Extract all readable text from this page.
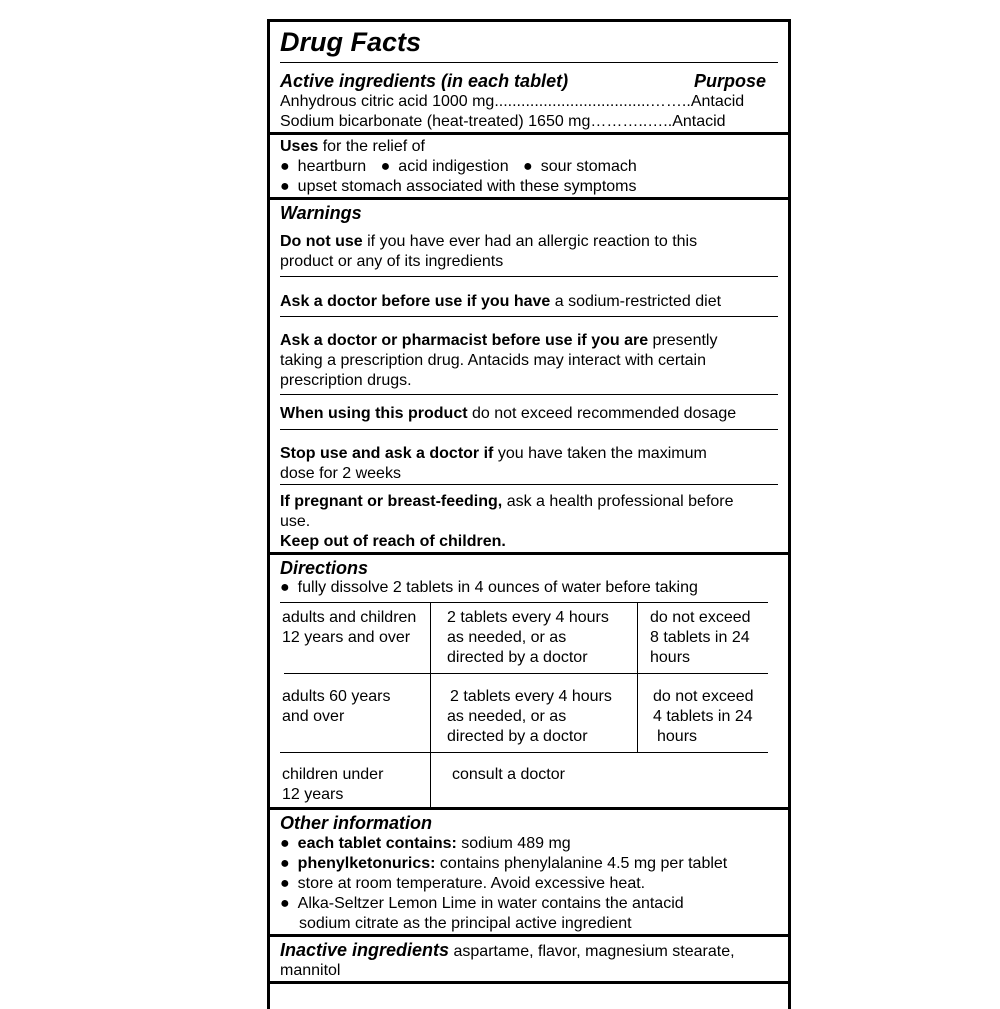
Drug Facts
Active ingredients (in each tablet)	Purpose
Anhydrous citric acid 1000 mg...................................……..Antacid
Sodium bicarbonate (heat-treated) 1650 mg………..…..Antacid
Uses for the relief of
● heartburn ● acid indigestion ● sour stomach
● upset stomach associated with these symptoms
Warnings
Do not use if you have ever had an allergic reaction to this
product or any of its ingredients
Ask a doctor before use if you have a sodium-restricted diet
Ask a doctor or pharmacist before use if you are presently
taking a prescription drug. Antacids may interact with certain
prescription drugs.
When using this product do not exceed recommended dosage
Stop use and ask a doctor if you have taken the maximum
dose for 2 weeks
If pregnant or breast-feeding, ask a health professional before
use.
Keep out of reach of children.
Directions
● fully dissolve 2 tablets in 4 ounces of water before taking
adults and children
12 years and over
2 tablets every 4 hours
as needed, or as
directed by a doctor
do not exceed
8 tablets in 24
hours
adults 60 years
and over
2 tablets every 4 hours
as needed, or as
directed by a doctor
do not exceed
4 tablets in 24
hours
children under
12 years
consult a doctor
Other information
● each tablet contains: sodium 489 mg
● phenylketonurics: contains phenylalanine 4.5 mg per tablet
● store at room temperature. Avoid excessive heat.
● Alka-Seltzer Lemon Lime in water contains the antacid
sodium citrate as the principal active ingredient
Inactive ingredients aspartame, flavor, magnesium stearate,
mannitol
